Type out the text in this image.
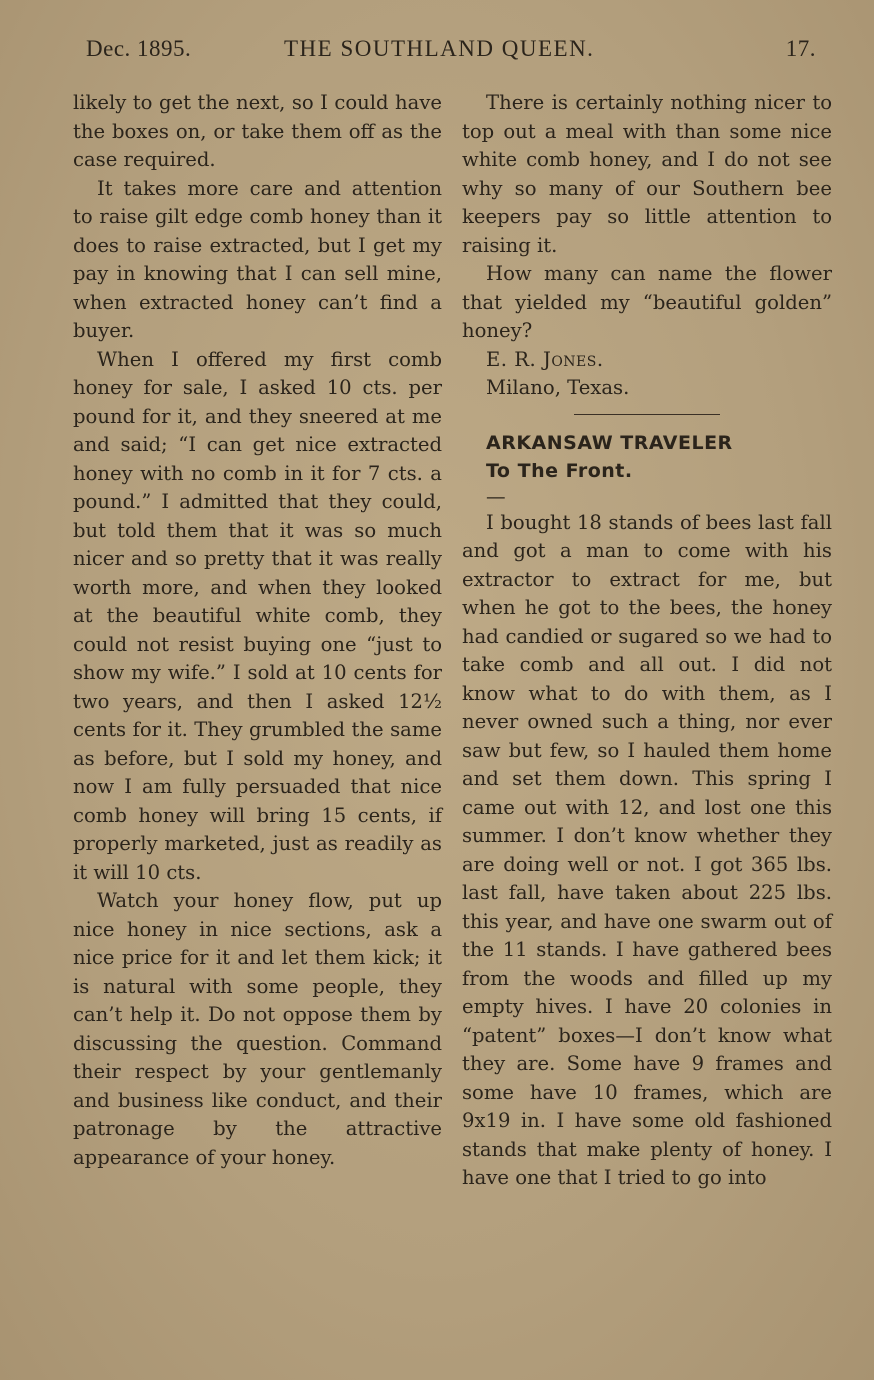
Dec. 1895.	THE SOUTHLAND QUEEN.	17.

likely to get the next, so I could have the boxes on, or take them off as the case required.

It takes more care and attention to raise gilt edge comb honey than it does to raise extracted, but I get my pay in knowing that I can sell mine, when extracted honey can’t find a buyer.

When I offered my first comb honey for sale, I asked 10 cts. per pound for it, and they sneered at me and said; “I can get nice extracted honey with no comb in it for 7 cts. a pound.” I admitted that they could, but told them that it was so much nicer and so pretty that it was really worth more, and when they looked at the beautiful white comb, they could not resist buying one “just to show my wife.” I sold at 10 cents for two years, and then I asked 12½ cents for it. They grumbled the same as before, but I sold my honey, and now I am fully persuaded that nice comb honey will bring 15 cents, if properly marketed, just as readily as it will 10 cts.

Watch your honey flow, put up nice honey in nice sections, ask a nice price for it and let them kick; it is natural with some people, they can’t help it. Do not oppose them by discussing the question. Command their respect by your gentlemanly and business like conduct, and their patronage by the attractive appearance of your honey.

There is certainly nothing nicer to top out a meal with than some nice white comb honey, and I do not see why so many of our Southern bee keepers pay so little attention to raising it.

How many can name the flower that yielded my “beautiful golden” honey?

E. R. Jones.

Milano, Texas.

ARKANSAW TRAVELER

To The Front.

—

I bought 18 stands of bees last fall and got a man to come with his extractor to extract for me, but when he got to the bees, the honey had candied or sugared so we had to take comb and all out. I did not know what to do with them, as I never owned such a thing, nor ever saw but few, so I hauled them home and set them down. This spring I came out with 12, and lost one this summer. I don’t know whether they are doing well or not. I got 365 lbs. last fall, have taken about 225 lbs. this year, and have one swarm out of the 11 stands. I have gathered bees from the woods and filled up my empty hives. I have 20 colonies in “patent” boxes—I don’t know what they are. Some have 9 frames and some have 10 frames, which are 9x19 in. I have some old fashioned stands that make plenty of honey. I have one that I tried to go into
